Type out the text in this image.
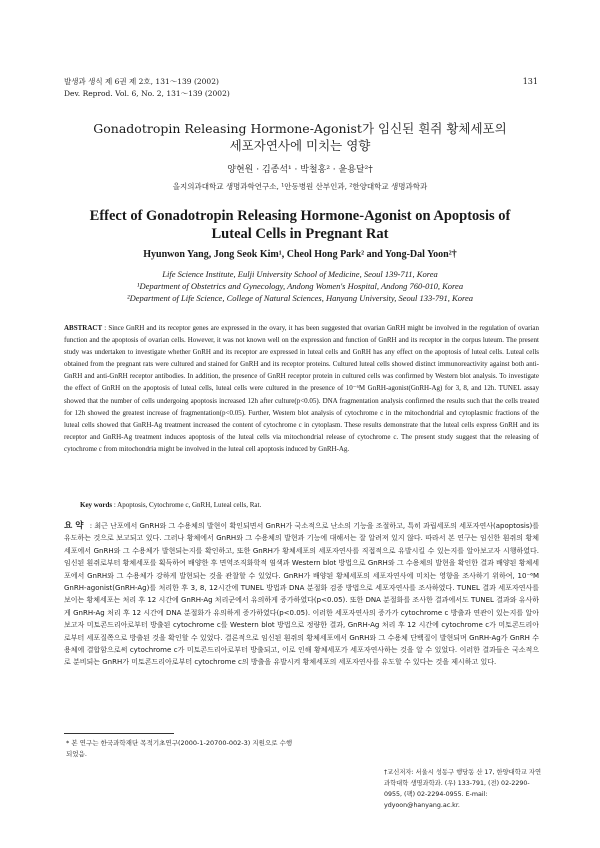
발생과 생식 제 6권 제 2호, 131～139 (2002)
Dev. Reprod. Vol. 6, No. 2, 131～139 (2002)
131
Gonadotropin Releasing Hormone-Agonist가 임신된 흰쥐 황체세포의
세포자연사에 미치는 영향
양현원 · 김종석¹ · 박철홍² · 윤용달²†
을지의과대학교 생명과학연구소, ¹안동병원 산부인과, ²한양대학교 생명과학과
Effect of Gonadotropin Releasing Hormone-Agonist on Apoptosis of
Luteal Cells in Pregnant Rat
Hyunwon Yang, Jong Seok Kim¹, Cheol Hong Park² and Yong-Dal Yoon²†
Life Science Institute, Eulji University School of Medicine, Seoul 139-711, Korea
¹Department of Obstetrics and Gynecology, Andong Women's Hospital, Andong 760-010, Korea
²Department of Life Science, College of Natural Sciences, Hanyang University, Seoul 133-791, Korea
ABSTRACT : Since GnRH and its receptor genes are expressed in the ovary, it has been suggested that ovarian GnRH might be involved in the regulation of ovarian function and the apoptosis of ovarian cells. However, it was not known well on the expression and function of GnRH and its receptor in the corpus luteum. The present study was undertaken to investigate whether GnRH and its receptor are expressed in luteal cells and GnRH has any effect on the apoptosis of luteal cells. Luteal cells obtained from the pregnant rats were cultured and stained for GnRH and its receptor proteins. Cultured luteal cells showed distinct immunoreactivity against both anti-GnRH and anti-GnRH receptor antibodies. In addition, the presence of GnRH receptor protein in cultured cells was confirmed by Western blot analysis. To investigate the effect of GnRH on the apoptosis of luteal cells, luteal cells were cultured in the presence of 10⁻⁶M GnRH-agonist(GnRH-Ag) for 3, 8, and 12h. TUNEL assay showed that the number of cells undergoing apoptosis increased 12h after culture(p<0.05). DNA fragmentation analysis confirmed the results such that the cells treated for 12h showed the greatest increase of fragmentation(p<0.05). Further, Western blot analysis of cytochrome c in the mitochondrial and cytoplasmic fractions of the luteal cells showed that GnRH-Ag treatment increased the content of cytochrome c in cytoplasm. These results demonstrate that the luteal cells express GnRH and its receptor and GnRH-Ag treatment induces apoptosis of the luteal cells via mitochondrial release of cytochrome c. The present study suggest that the releasing of cytochrome c from mitochondria might be involved in the luteal cell apoptosis induced by GnRH-Ag.
Key words : Apoptosis, Cytochrome c, GnRH, Luteal cells, Rat.
요 약 : 최근 난포에서 GnRH와 그 수용체의 발현이 확인되면서 GnRH가 국소적으로 난소의 기능을 조절하고, 특히 과립세포의 세포자연사(apoptosis)를 유도하는 것으로 보고되고 있다. 그러나 황체에서 GnRH와 그 수용체의 발현과 기능에 대해서는 잘 알려져 있지 않다. 따라서 본 연구는 임신한 흰쥐의 황체세포에서 GnRH와 그 수용체가 발현되는지를 확인하고, 또한 GnRH가 황체세포의 세포자연사를 직접적으로 유발시킬 수 있는지를 알아보고자 시행하였다. 임신된 흰쥐로부터 황체세포를 획득하여 배양한 후 면역조직화학적 염색과 Western blot 방법으로 GnRH와 그 수용체의 발현을 확인한 결과 배양된 황체세포에서 GnRH와 그 수용체가 강하게 발현되는 것을 관찰할 수 있었다. GnRH가 배양된 황체세포의 세포자연사에 미치는 영향을 조사하기 위하여, 10⁻⁶M GnRH-agonist(GnRH-Ag)를 처리한 후 3, 8, 12시간에 TUNEL 방법과 DNA 분절화 검증 방법으로 세포자연사를 조사하였다. TUNEL 결과 세포자연사를 보이는 황체세포는 처리 후 12 시간에 GnRH-Ag 처리군에서 유의하게 증가하였다(p<0.05). 또한 DNA 분절화를 조사한 결과에서도 TUNEL 결과와 유사하게 GnRH-Ag 처리 후 12 시간에 DNA 분절화가 유의하게 증가하였다(p<0.05). 이러한 세포자연사의 증가가 cytochrome c 방출과 연관이 있는지를 알아보고자 미토콘드리아로부터 방출된 cytochrome c를 Western blot 방법으로 정량한 결과, GnRH-Ag 처리 후 12 시간에 cytochrome c가 미토콘드리아로부터 세포질쪽으로 방출된 것을 확인할 수 있었다. 결론적으로 임신된 흰쥐의 황체세포에서 GnRH와 그 수용체 단백질이 발현되며 GnRH-Ag가 GnRH 수용체에 결합함으로써 cytochrome c가 미토콘드리아로부터 방출되고, 이로 인해 황체세포가 세포자연사하는 것을 알 수 있었다. 이러한 결과들은 국소적으로 분비되는 GnRH가 미토콘드리아로부터 cytochrome c의 방출을 유발시켜 황체세포의 세포자연사를 유도할 수 있다는 것을 제시하고 있다.
* 본 연구는 한국과학재단 목적기초연구(2000-1-20700-002-3) 지원으로 수행되었음.
†교신저자: 서울시 성동구 행당동 산 17, 한양대학교 자연과학대학 생명과학과. (우) 133-791, (전) 02-2290-0955, (팩) 02-2294-0955. E-mail: ydyoon@hanyang.ac.kr.
